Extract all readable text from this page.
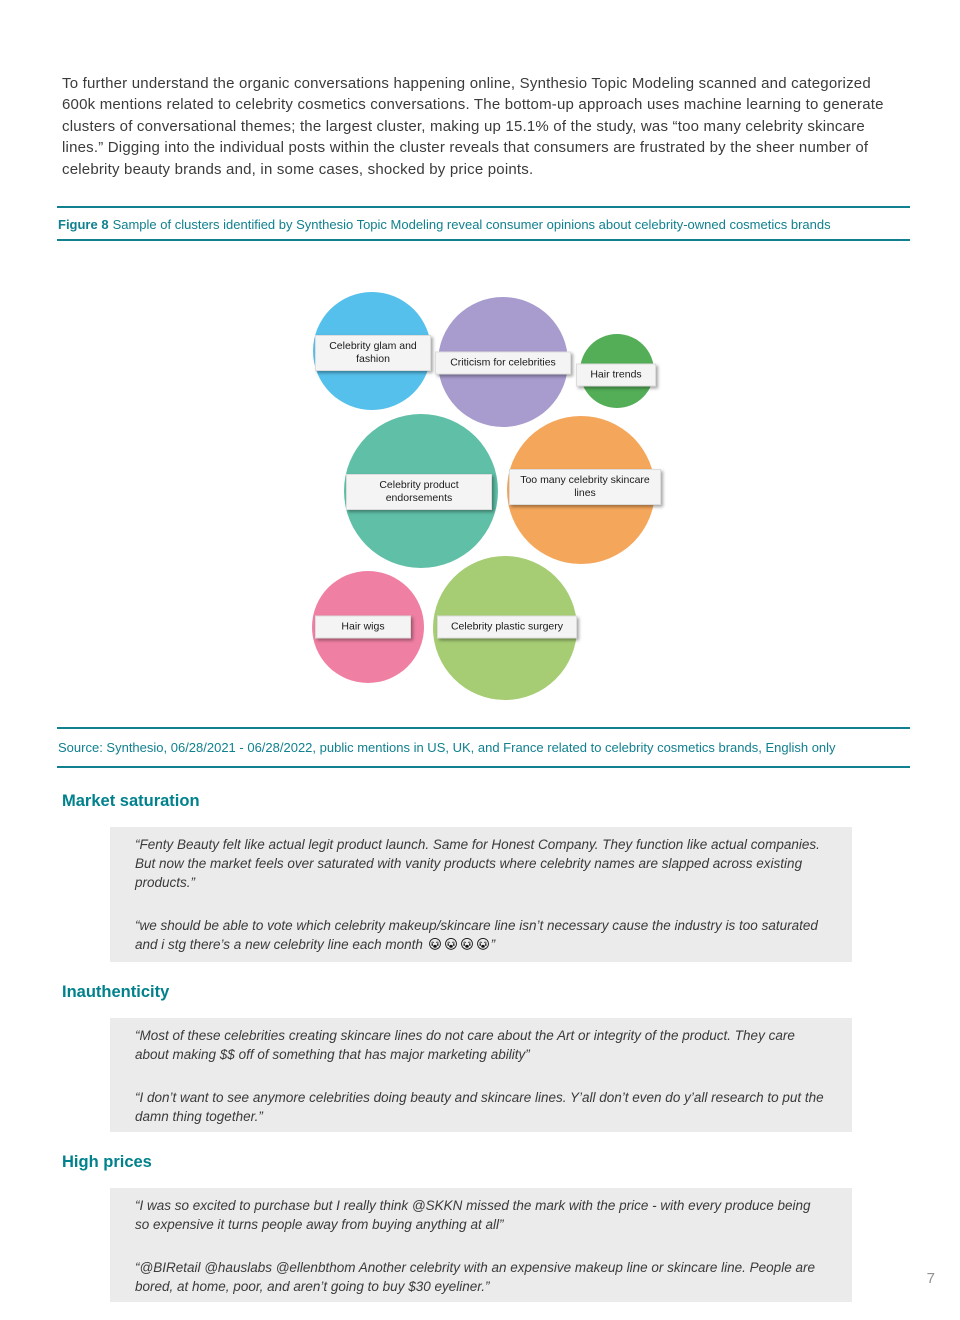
To further understand the organic conversations happening online, Synthesio Topic Modeling scanned and categorized 600k mentions related to celebrity cosmetics conversations. The bottom-up approach uses machine learning to generate clusters of conversational themes; the largest cluster, making up 15.1% of the study, was “too many celebrity skincare lines.” Digging into the individual posts within the cluster reveals that consumers are frustrated by the sheer number of celebrity beauty brands and, in some cases, shocked by price points.

Figure 8 Sample of clusters identified by Synthesio Topic Modeling reveal consumer opinions about celebrity-owned cosmetics brands
Celebrity glam and fashion	Criticism for celebrities
Hair trends
Celebrity product endorsements
Too many celebrity skincare lines
Hair wigs	Celebrity plastic surgery
Source: Synthesio, 06/28/2021 - 06/28/2022, public mentions in US, UK, and France related to celebrity cosmetics brands, English only
Market saturation

“Fenty Beauty felt like actual legit product launch. Same for Honest Company. They function like actual companies. But now the market feels over saturated with vanity products where celebrity names are slapped across existing products.”

“we should be able to vote which celebrity makeup/skincare line isn’t necessary cause the industry is too saturated and i stg there’s a new celebrity line each month	”

Inauthenticity

“Most of these celebrities creating skincare lines do not care about the Art or integrity of the product. They care about making $$ off of something that has major marketing ability”

“I don’t want to see anymore celebrities doing beauty and skincare lines. Y’all don’t even do y’all research to put the damn thing together.”

High prices

“I was so excited to purchase but I really think @SKKN missed the mark with the price - with every produce being so expensive it turns people away from buying anything at all”

“@BIRetail @hauslabs @ellenbthom Another celebrity with an expensive makeup line or skincare line. People are bored, at home, poor, and aren’t going to buy $30 eyeliner.”	7
